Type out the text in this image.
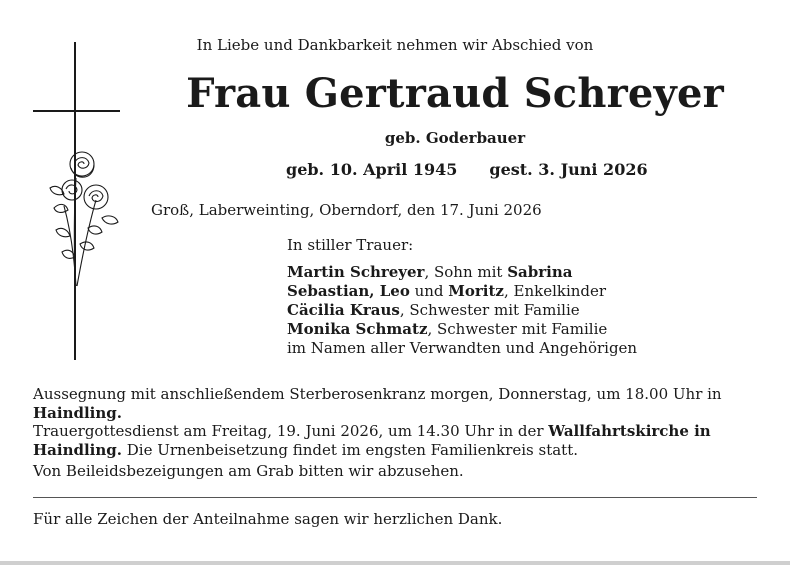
In Liebe und Dankbarkeit nehmen wir Abschied von
Frau Gertraud Schreyer
geb. Goderbauer
geb. 10. April 1945 gest. 3. Juni 2026
Groß, Laberweinting, Oberndorf, den 17. Juni 2026
In stiller Trauer:
Martin Schreyer, Sohn mit Sabrina
Sebastian, Leo und Moritz, Enkelkinder
Cäcilia Kraus, Schwester mit Familie
Monika Schmatz, Schwester mit Familie
im Namen aller Verwandten und Angehörigen

Aussegnung mit anschließendem Sterberosenkranz morgen, Donnerstag, um 18.00 Uhr in Haindling.

Trauergottesdienst am Freitag, 19. Juni 2026, um 14.30 Uhr in der Wallfahrtskirche in Haindling. Die Urnenbeisetzung findet im engsten Familienkreis statt.

Von Beileidsbezeigungen am Grab bitten wir abzusehen.

Für alle Zeichen der Anteilnahme sagen wir herzlichen Dank.
